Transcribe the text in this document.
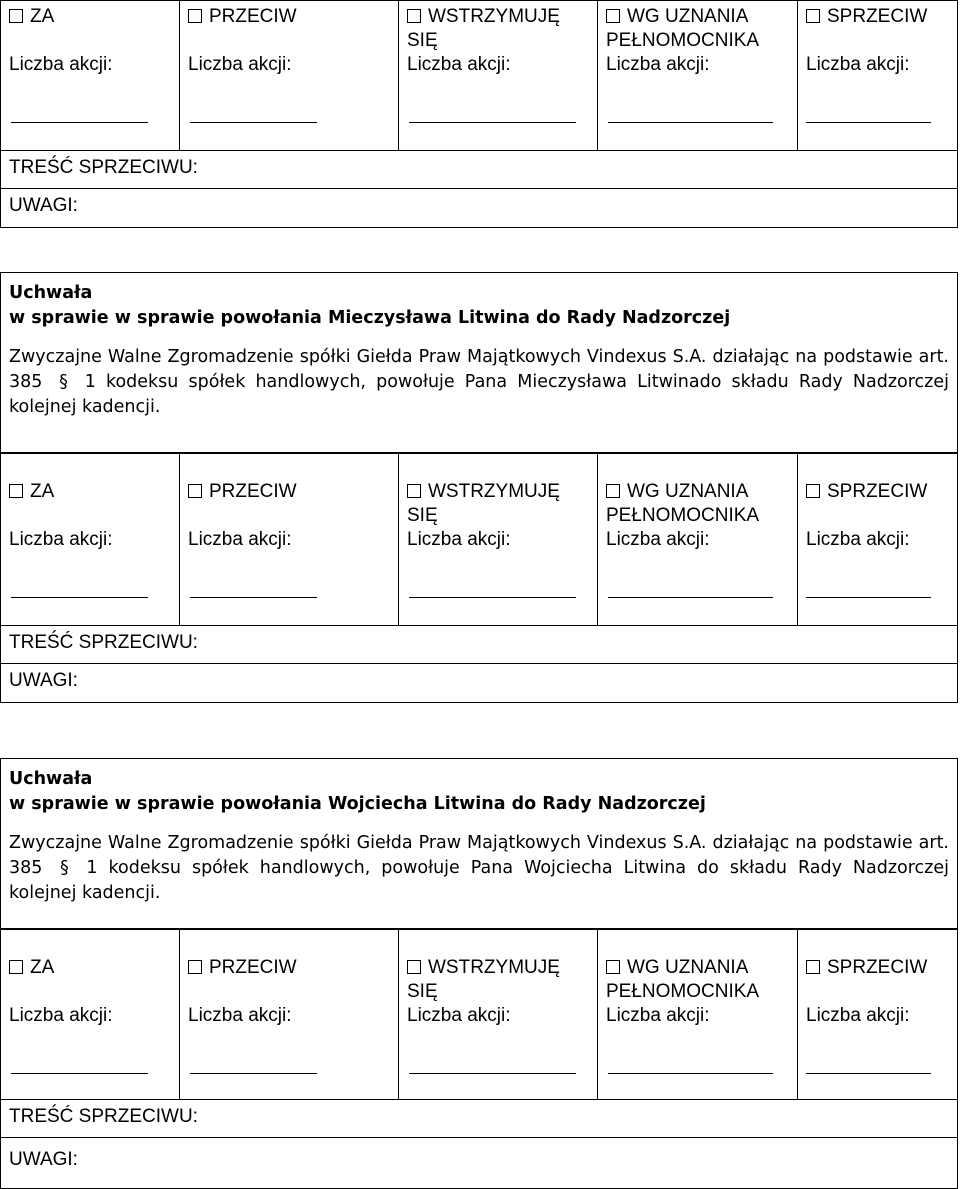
ZA
Liczba akcji:
PRZECIW
Liczba akcji:
WSTRZYMUJĘ
SIĘ
Liczba akcji:
WG UZNANIA
PEŁNOMOCNIKA
Liczba akcji:
SPRZECIW
Liczba akcji:
TREŚĆ SPRZECIWU:
UWAGI:
Uchwała
w sprawie w sprawie powołania Mieczysława Litwina do Rady Nadzorczej
Zwyczajne Walne Zgromadzenie spółki Giełda Praw Majątkowych Vindexus S.A. działając na podstawie art. 385 § 1 kodeksu spółek handlowych, powołuje Pana Mieczysława Litwinado składu Rady Nadzorczej kolejnej kadencji.
ZA
Liczba akcji:
PRZECIW
Liczba akcji:
WSTRZYMUJĘ
SIĘ
Liczba akcji:
WG UZNANIA
PEŁNOMOCNIKA
Liczba akcji:
SPRZECIW
Liczba akcji:
TREŚĆ SPRZECIWU:
UWAGI:
Uchwała
w sprawie w sprawie powołania Wojciecha Litwina do Rady Nadzorczej
Zwyczajne Walne Zgromadzenie spółki Giełda Praw Majątkowych Vindexus S.A. działając na podstawie art. 385 § 1 kodeksu spółek handlowych, powołuje Pana Wojciecha Litwina do składu Rady Nadzorczej kolejnej kadencji.
ZA
Liczba akcji:
PRZECIW
Liczba akcji:
WSTRZYMUJĘ
SIĘ
Liczba akcji:
WG UZNANIA
PEŁNOMOCNIKA
Liczba akcji:
SPRZECIW
Liczba akcji:
TREŚĆ SPRZECIWU:
UWAGI:
